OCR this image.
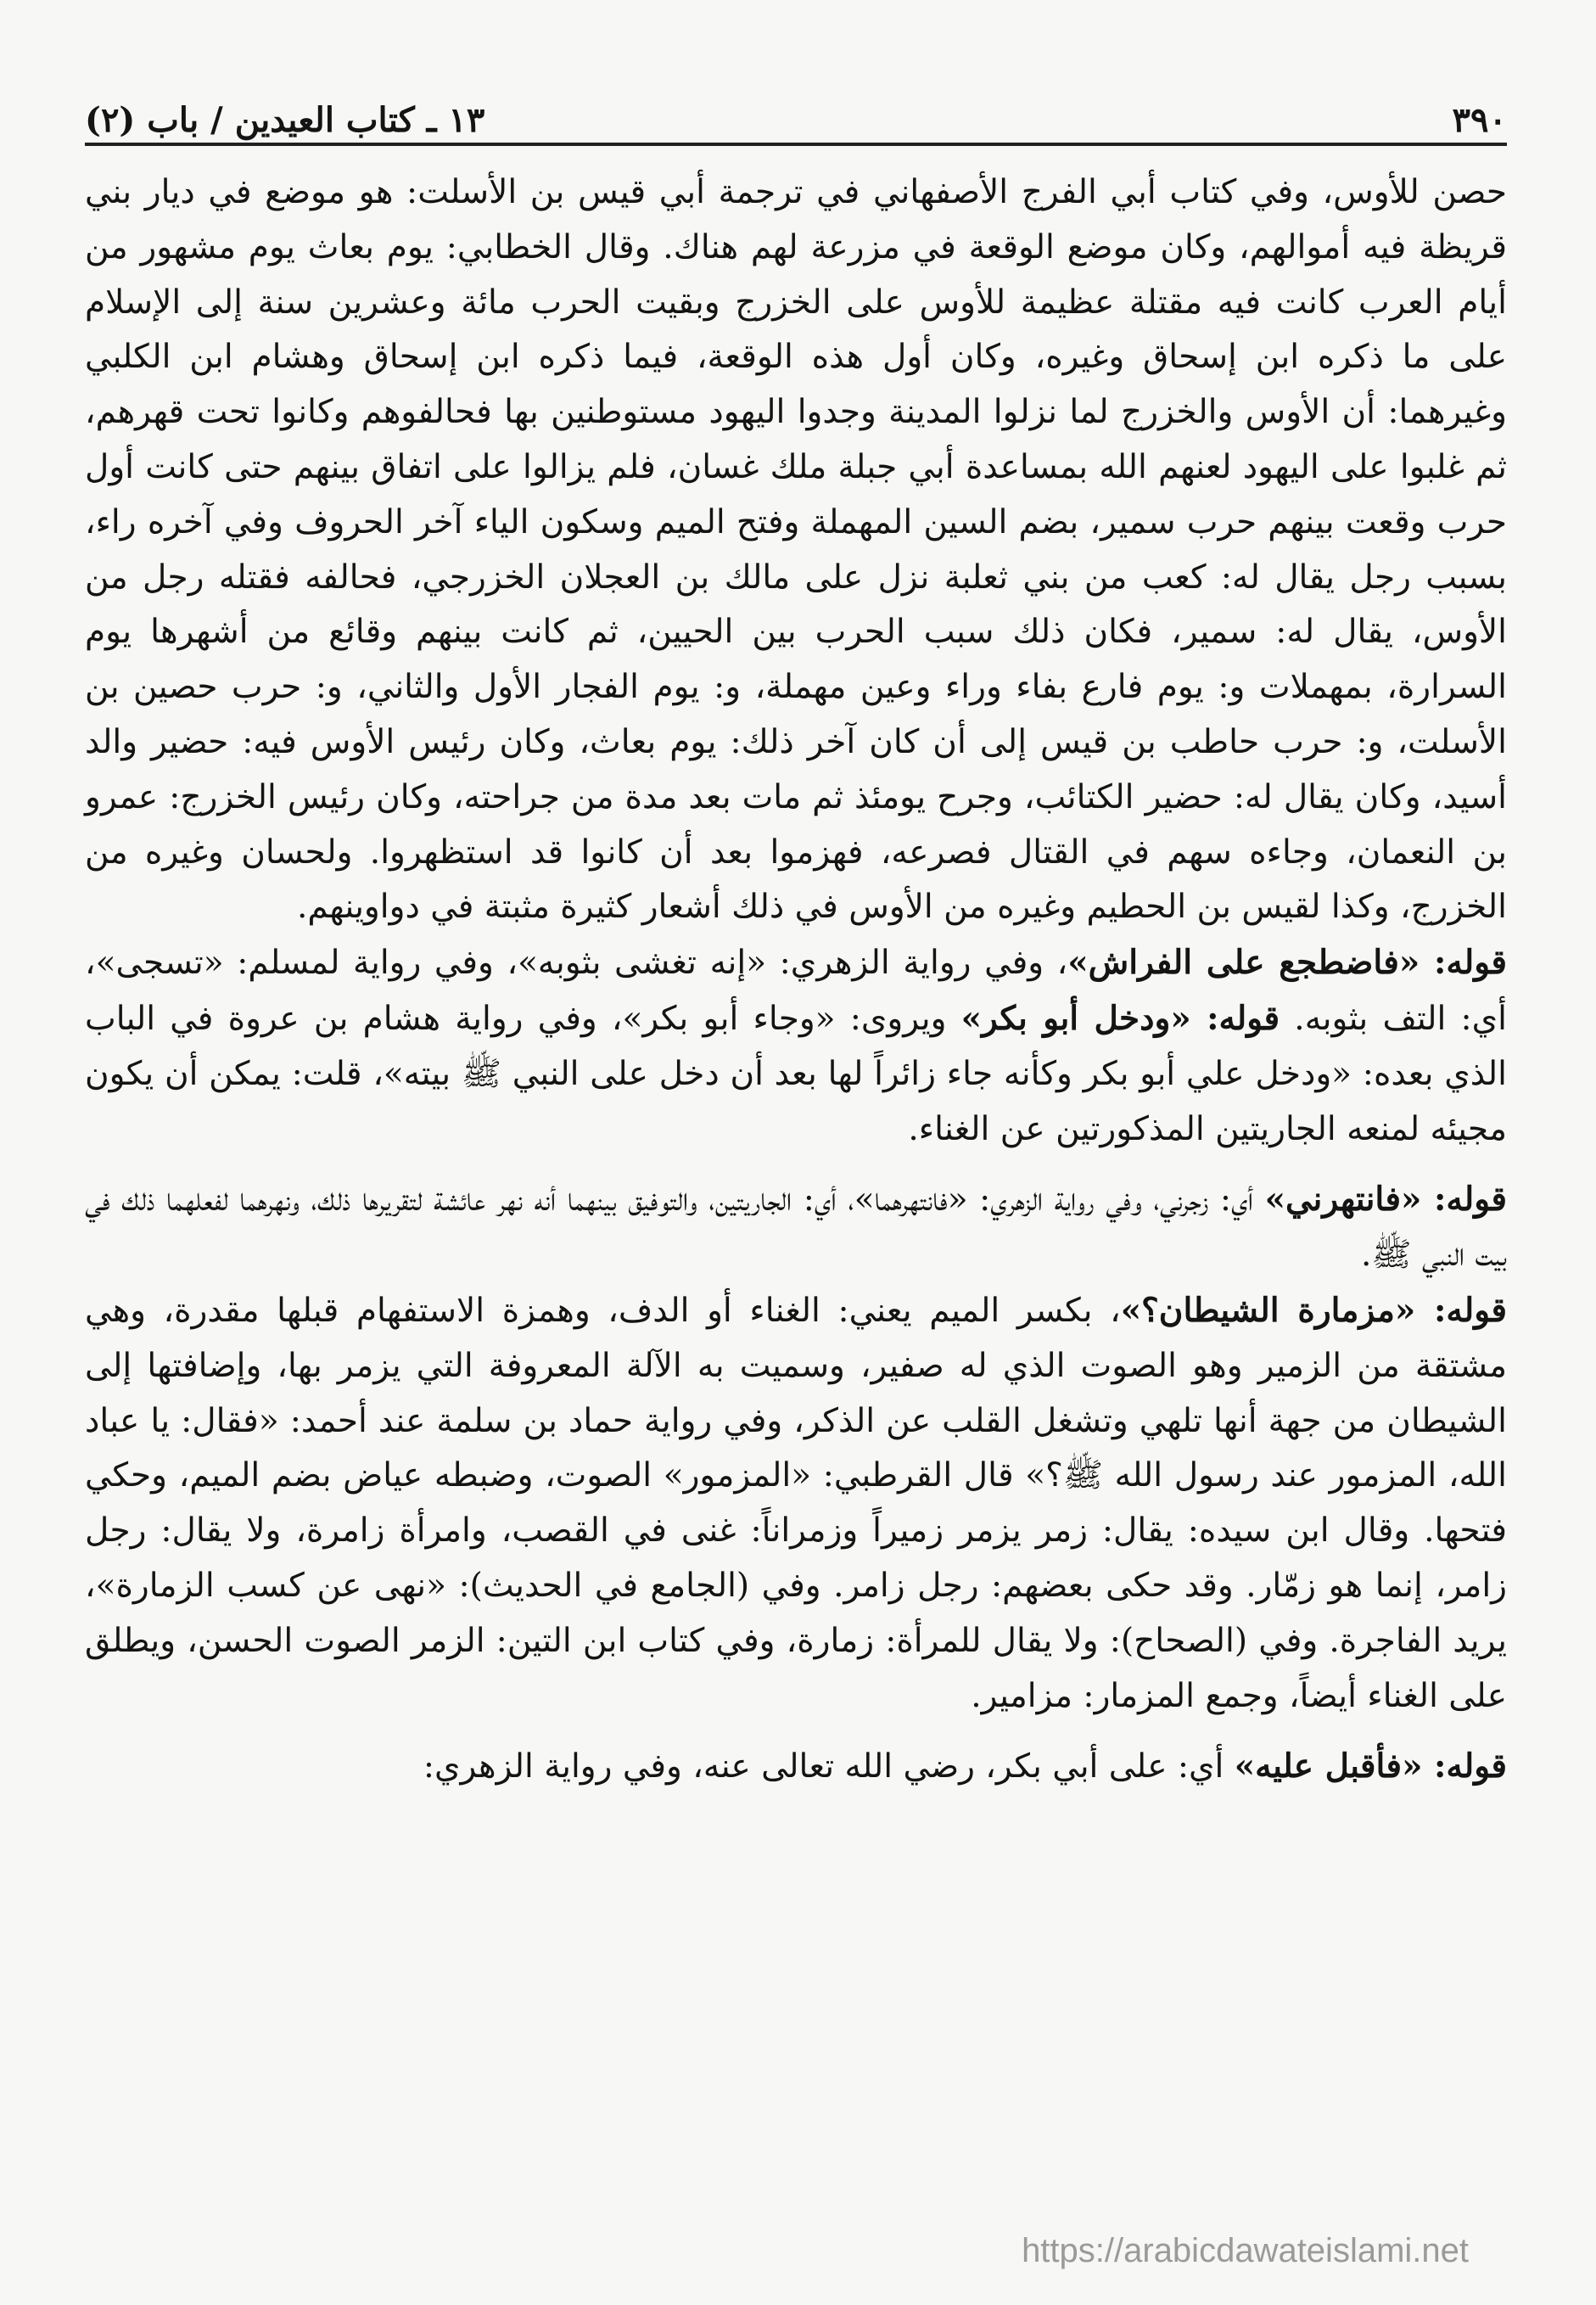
٣٩٠
١٣ ـ كتاب العيدين / باب (٢)

حصن للأوس، وفي كتاب أبي الفرج الأصفهاني في ترجمة أبي قيس بن الأسلت: هو موضع في ديار بني قريظة فيه أموالهم، وكان موضع الوقعة في مزرعة لهم هناك. وقال الخطابي: يوم بعاث يوم مشهور من أيام العرب كانت فيه مقتلة عظيمة للأوس على الخزرج وبقيت الحرب مائة وعشرين سنة إلى الإسلام على ما ذكره ابن إسحاق وغيره، وكان أول هذه الوقعة، فيما ذكره ابن إسحاق وهشام ابن الكلبي وغيرهما: أن الأوس والخزرج لما نزلوا المدينة وجدوا اليهود مستوطنين بها فحالفوهم وكانوا تحت قهرهم، ثم غلبوا على اليهود لعنهم الله بمساعدة أبي جبلة ملك غسان، فلم يزالوا على اتفاق بينهم حتى كانت أول حرب وقعت بينهم حرب سمير، بضم السين المهملة وفتح الميم وسكون الياء آخر الحروف وفي آخره راء، بسبب رجل يقال له: كعب من بني ثعلبة نزل على مالك بن العجلان الخزرجي، فحالفه فقتله رجل من الأوس، يقال له: سمير، فكان ذلك سبب الحرب بين الحيين، ثم كانت بينهم وقائع من أشهرها يوم السرارة، بمهملات و: يوم فارع بفاء وراء وعين مهملة، و: يوم الفجار الأول والثاني، و: حرب حصين بن الأسلت، و: حرب حاطب بن قيس إلى أن كان آخر ذلك: يوم بعاث، وكان رئيس الأوس فيه: حضير والد أسيد، وكان يقال له: حضير الكتائب، وجرح يومئذ ثم مات بعد مدة من جراحته، وكان رئيس الخزرج: عمرو بن النعمان، وجاءه سهم في القتال فصرعه، فهزموا بعد أن كانوا قد استظهروا. ولحسان وغيره من الخزرج، وكذا لقيس بن الحطيم وغيره من الأوس في ذلك أشعار كثيرة مثبتة في دواوينهم.

قوله: «فاضطجع على الفراش»، وفي رواية الزهري: «إنه تغشى بثوبه»، وفي رواية لمسلم: «تسجى»، أي: التف بثوبه. قوله: «ودخل أبو بكر» ويروى: «وجاء أبو بكر»، وفي رواية هشام بن عروة في الباب الذي بعده: «ودخل علي أبو بكر وكأنه جاء زائراً لها بعد أن دخل على النبي ﷺ بيته»، قلت: يمكن أن يكون مجيئه لمنعه الجاريتين المذكورتين عن الغناء.

قوله: «فانتهرني» أي: زجرني، وفي رواية الزهري: «فانتهرهما»، أي: الجاريتين، والتوفيق بينهما أنه نهر عائشة لتقريرها ذلك، ونهرهما لفعلهما ذلك في بيت النبي ﷺ.

قوله: «مزمارة الشيطان؟»، بكسر الميم يعني: الغناء أو الدف، وهمزة الاستفهام قبلها مقدرة، وهي مشتقة من الزمير وهو الصوت الذي له صفير، وسميت به الآلة المعروفة التي يزمر بها، وإضافتها إلى الشيطان من جهة أنها تلهي وتشغل القلب عن الذكر، وفي رواية حماد بن سلمة عند أحمد: «فقال: يا عباد الله، المزمور عند رسول الله ﷺ؟» قال القرطبي: «المزمور» الصوت، وضبطه عياض بضم الميم، وحكي فتحها. وقال ابن سيده: يقال: زمر يزمر زميراً وزمراناً: غنى في القصب، وامرأة زامرة، ولا يقال: رجل زامر، إنما هو زمّار. وقد حكى بعضهم: رجل زامر. وفي (الجامع في الحديث): «نهى عن كسب الزمارة»، يريد الفاجرة. وفي (الصحاح): ولا يقال للمرأة: زمارة، وفي كتاب ابن التين: الزمر الصوت الحسن، ويطلق على الغناء أيضاً، وجمع المزمار: مزامير.

قوله: «فأقبل عليه» أي: على أبي بكر، رضي الله تعالى عنه، وفي رواية الزهري:

https://arabicdawateislami.net
